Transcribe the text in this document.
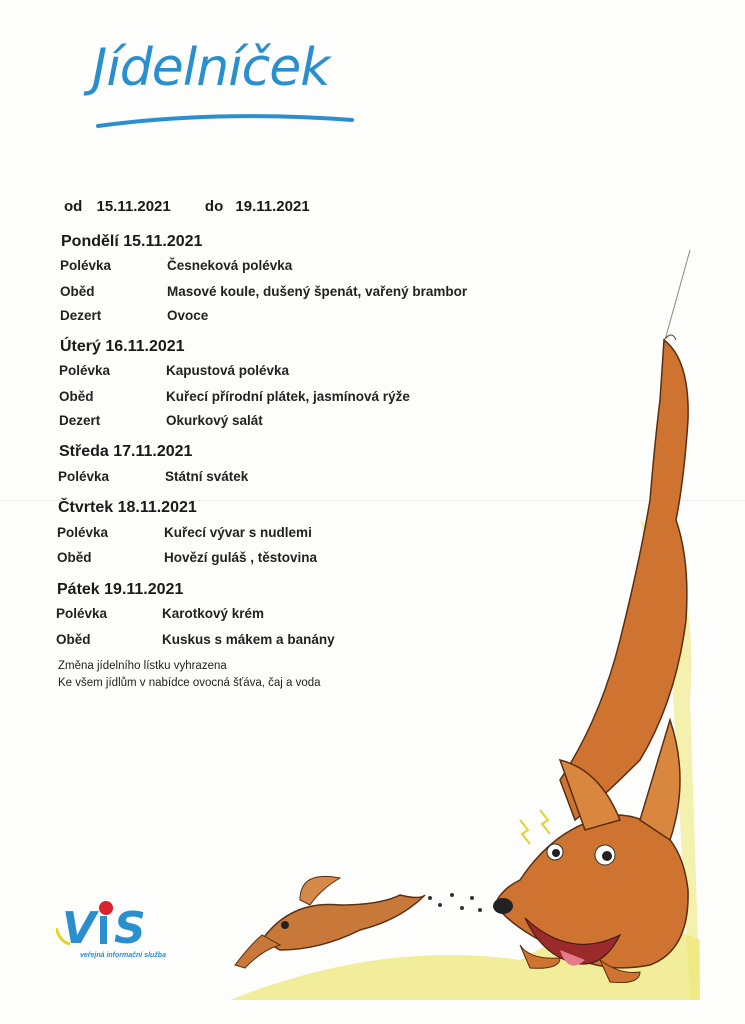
Jídelníček
od 15.11.2021 do 19.11.2021
Pondělí 15.11.2021
Polévka	Česneková polévka
Oběd	Masové koule, dušený špenát, vařený brambor
Dezert	Ovoce
Úterý 16.11.2021
Polévka	Kapustová polévka
Oběd	Kuřecí přírodní plátek, jasmínová rýže
Dezert	Okurkový salát
Středa 17.11.2021
Polévka	Státní svátek
Čtvrtek 18.11.2021
Polévka	Kuřecí vývar s nudlemi
Oběd	Hovězí guláš , těstovina
Pátek 19.11.2021
Polévka	Karotkový krém
Oběd	Kuskus s mákem a banány
Změna jídelního lístku vyhrazena
Ke všem jídlům v nabídce ovocná šťáva, čaj a voda
V S
veřejná informační služba
